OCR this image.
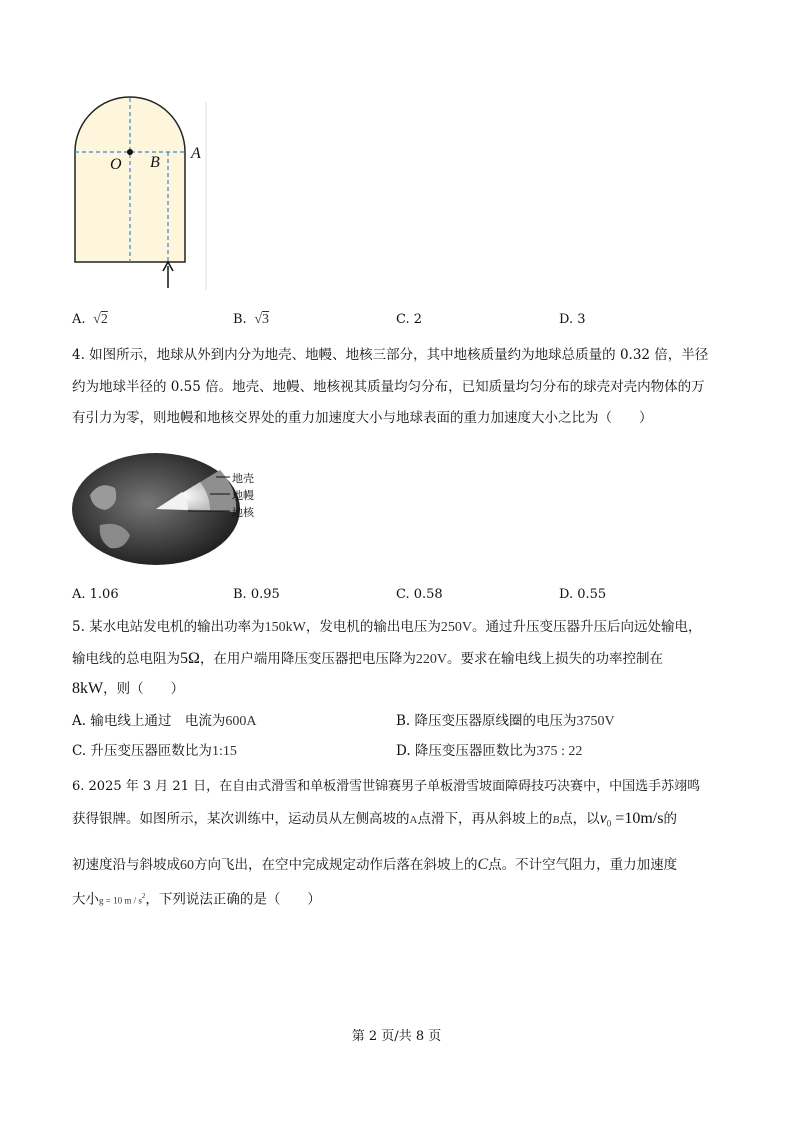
O B
A
A.  √2	B.  √3	C. 2	D. 3
4. 如图所示，地球从外到内分为地壳、地幔、地核三部分，其中地核质量约为地球总质量的 0.32 倍，半径
约为地球半径的 0.55 倍。地壳、地幔、地核视其质量均匀分布，已知质量均匀分布的球壳对壳内物体的万
有引力为零，则地幔和地核交界处的重力加速度大小与地球表面的重力加速度大小之比为（　　）
地壳
地幔
地核
A. 1.06	B. 0.95	C. 0.58	D. 0.55
5. 某水电站发电机的输出功率为150kW，发电机的输出电压为250V。通过升压变压器升压后向远处输电，
输电线的总电阻为5Ω，在用户端用降压变压器把电压降为220V。要求在输电线上损失的功率控制在
8kW，则（　　）
A. 输电线上通过　电流为600A	B. 降压变压器原线圈的电压为3750V
C. 升压变压器匝数比为1:15	D. 降压变压器匝数比为375 : 22
6. 2025 年 3 月 21 日，在自由式滑雪和单板滑雪世锦赛男子单板滑雪坡面障碍技巧决赛中，中国选手苏翊鸣
获得银牌。如图所示，某次训练中，运动员从左侧高坡的A点滑下，再从斜坡上的B点，以$v_0 =10m/s$的
初速度沿与斜坡成60方向飞出，在空中完成规定动作后落在斜坡上的C点。不计空气阻力，重力加速度
大小g = 10 m / $s^2$，下列说法正确的是（　　）
第 2 页/共 8 页
